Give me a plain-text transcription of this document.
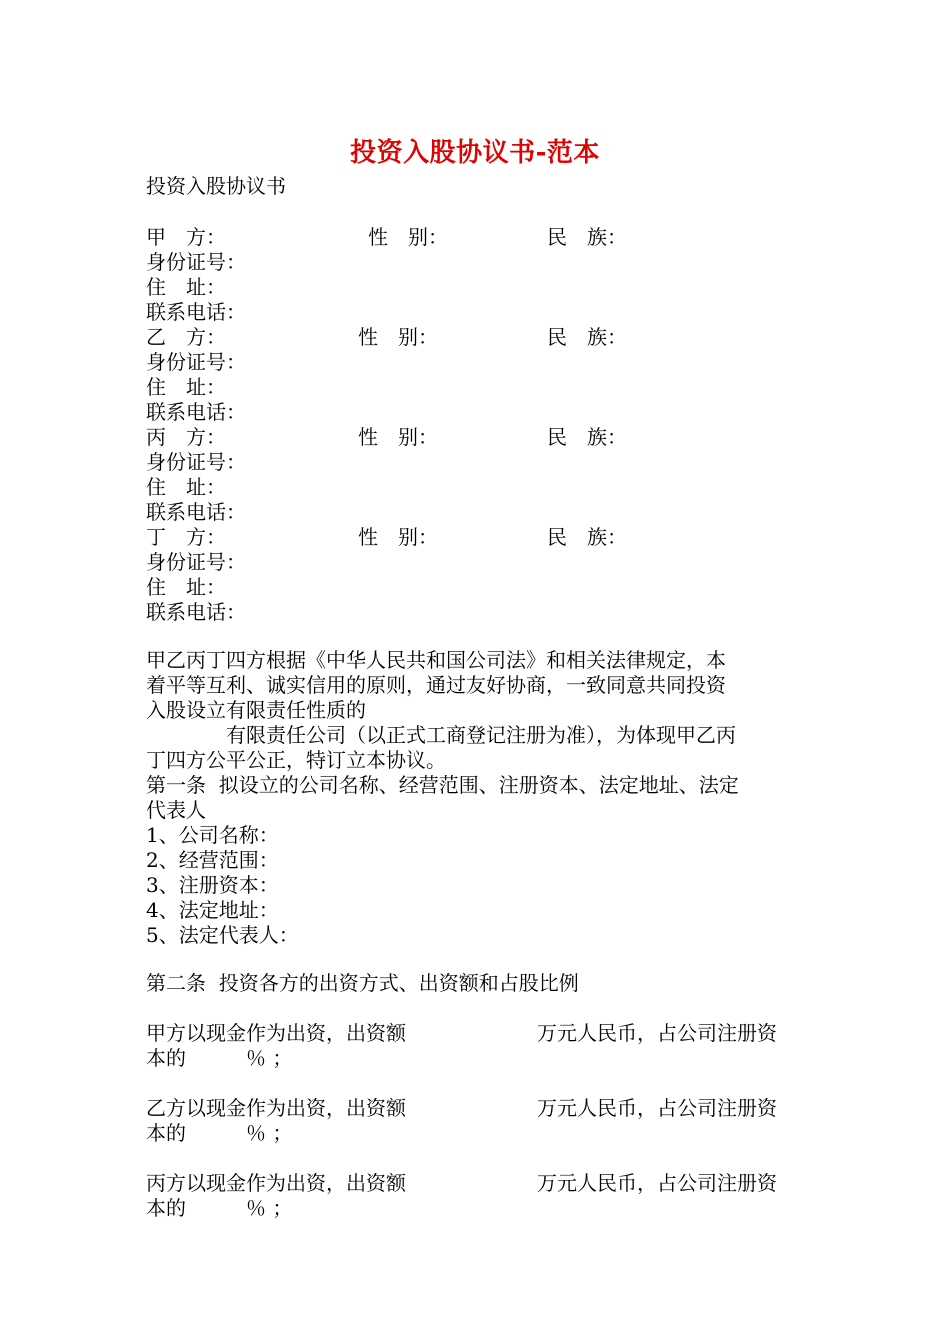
投资入股协议书-范本
投资入股协议书
甲　方：	性　别：	民　族：
身份证号：
住　址：
联系电话：
乙　方：	性　别：	民　族：
身份证号：
住　址：
联系电话：
丙　方：	性　别：	民　族：
身份证号：
住　址：
联系电话：
丁　方：	性　别：	民　族：
身份证号：
住　址：
联系电话：
甲乙丙丁四方根据《中华人民共和国公司法》和相关法律规定，本
着平等互利、诚实信用的原则，通过友好协商，一致同意共同投资
入股设立有限责任性质的
　　　　有限责任公司（以正式工商登记注册为准），为体现甲乙丙
丁四方公平公正，特订立本协议。
第一条  拟设立的公司名称、经营范围、注册资本、法定地址、法定
代表人
1、公司名称：
2、经营范围：
3、注册资本：
4、法定地址：
5、法定代表人：
第二条  投资各方的出资方式、出资额和占股比例
甲方以现金作为出资，出资额	万元人民币，占公司注册资
本的　　　％ ；
乙方以现金作为出资，出资额	万元人民币，占公司注册资
本的　　　％ ；
丙方以现金作为出资，出资额	万元人民币，占公司注册资
本的　　　％ ；
